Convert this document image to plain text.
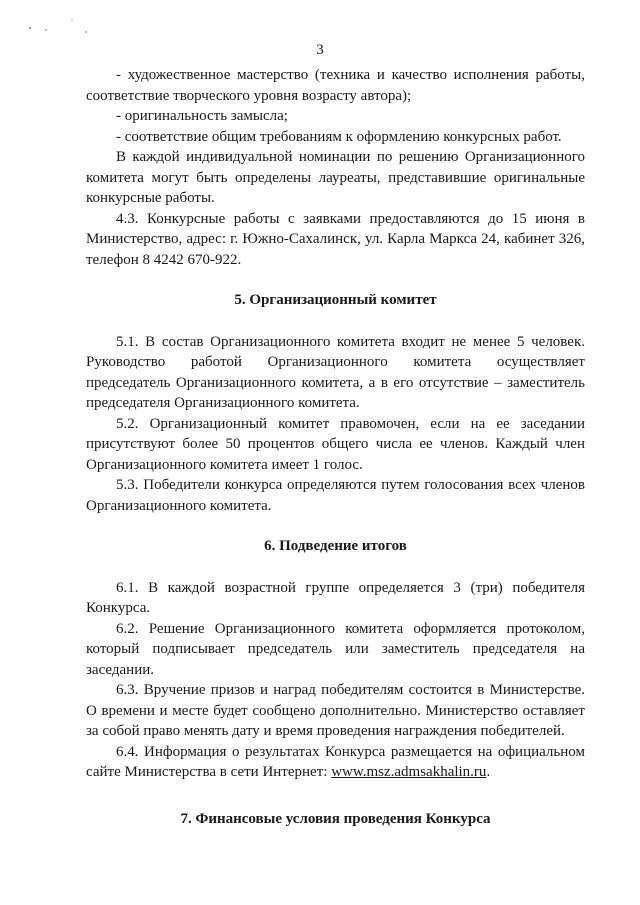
3

- художественное мастерство (техника и качество исполнения работы, соответствие творческого уровня возрасту автора);

- оригинальность замысла;

- соответствие общим требованиям к оформлению конкурсных работ.

В каждой индивидуальной номинации по решению Организационного комитета могут быть определены лауреаты, представившие оригинальные конкурсные работы.

4.3. Конкурсные работы с заявками предоставляются до 15 июня в Министерство, адрес: г. Южно-Сахалинск, ул. Карла Маркса 24, кабинет 326, телефон 8 4242 670-922.

5. Организационный комитет

5.1. В состав Организационного комитета входит не менее 5 человек. Руководство работой Организационного комитета осуществляет председатель Организационного комитета, а в его отсутствие – заместитель председателя Организационного комитета.

5.2. Организационный комитет правомочен, если на ее заседании присутствуют более 50 процентов общего числа ее членов. Каждый член Организационного комитета имеет 1 голос.

5.3. Победители конкурса определяются путем голосования всех членов Организационного комитета.

6. Подведение итогов

6.1. В каждой возрастной группе определяется 3 (три) победителя Конкурса.

6.2. Решение Организационного комитета оформляется протоколом, который подписывает председатель или заместитель председателя на заседании.

6.3. Вручение призов и наград победителям состоится в Министерстве. О времени и месте будет сообщено дополнительно. Министерство оставляет за собой право менять дату и время проведения награждения победителей.

6.4. Информация о результатах Конкурса размещается на официальном сайте Министерства в сети Интернет: www.msz.admsakhalin.ru.

7. Финансовые условия проведения Конкурса
